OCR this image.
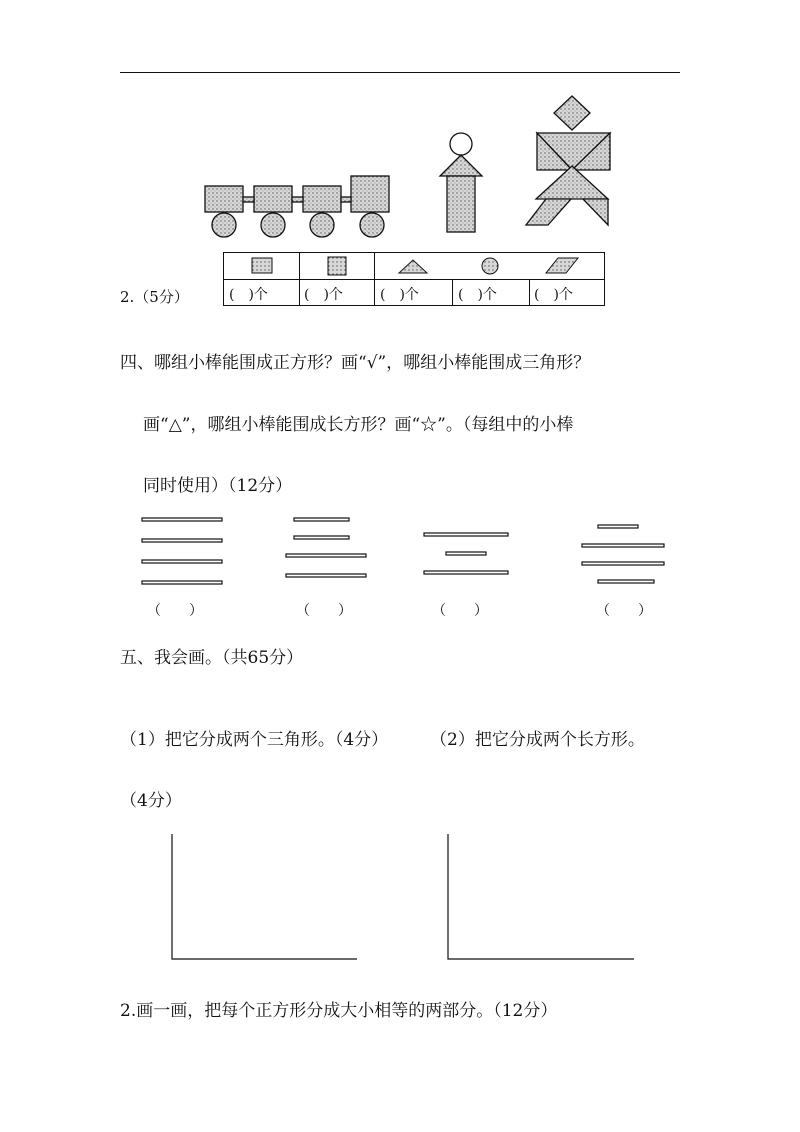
2.（5分）	(　)个	(　)个	(　)个	(　)个	(　)个
四、哪组小棒能围成正方形？画“√”，哪组小棒能围成三角形？
画“△”，哪组小棒能围成长方形？画“☆”。（每组中的小棒
同时使用）（12分）
（　　）	（　　）	（　　）	（　　）
五、我会画。（共65分）
（1）把它分成两个三角形。（4分） （2）把它分成两个长方形。
（4分）
2.画一画，把每个正方形分成大小相等的两部分。（12分）
